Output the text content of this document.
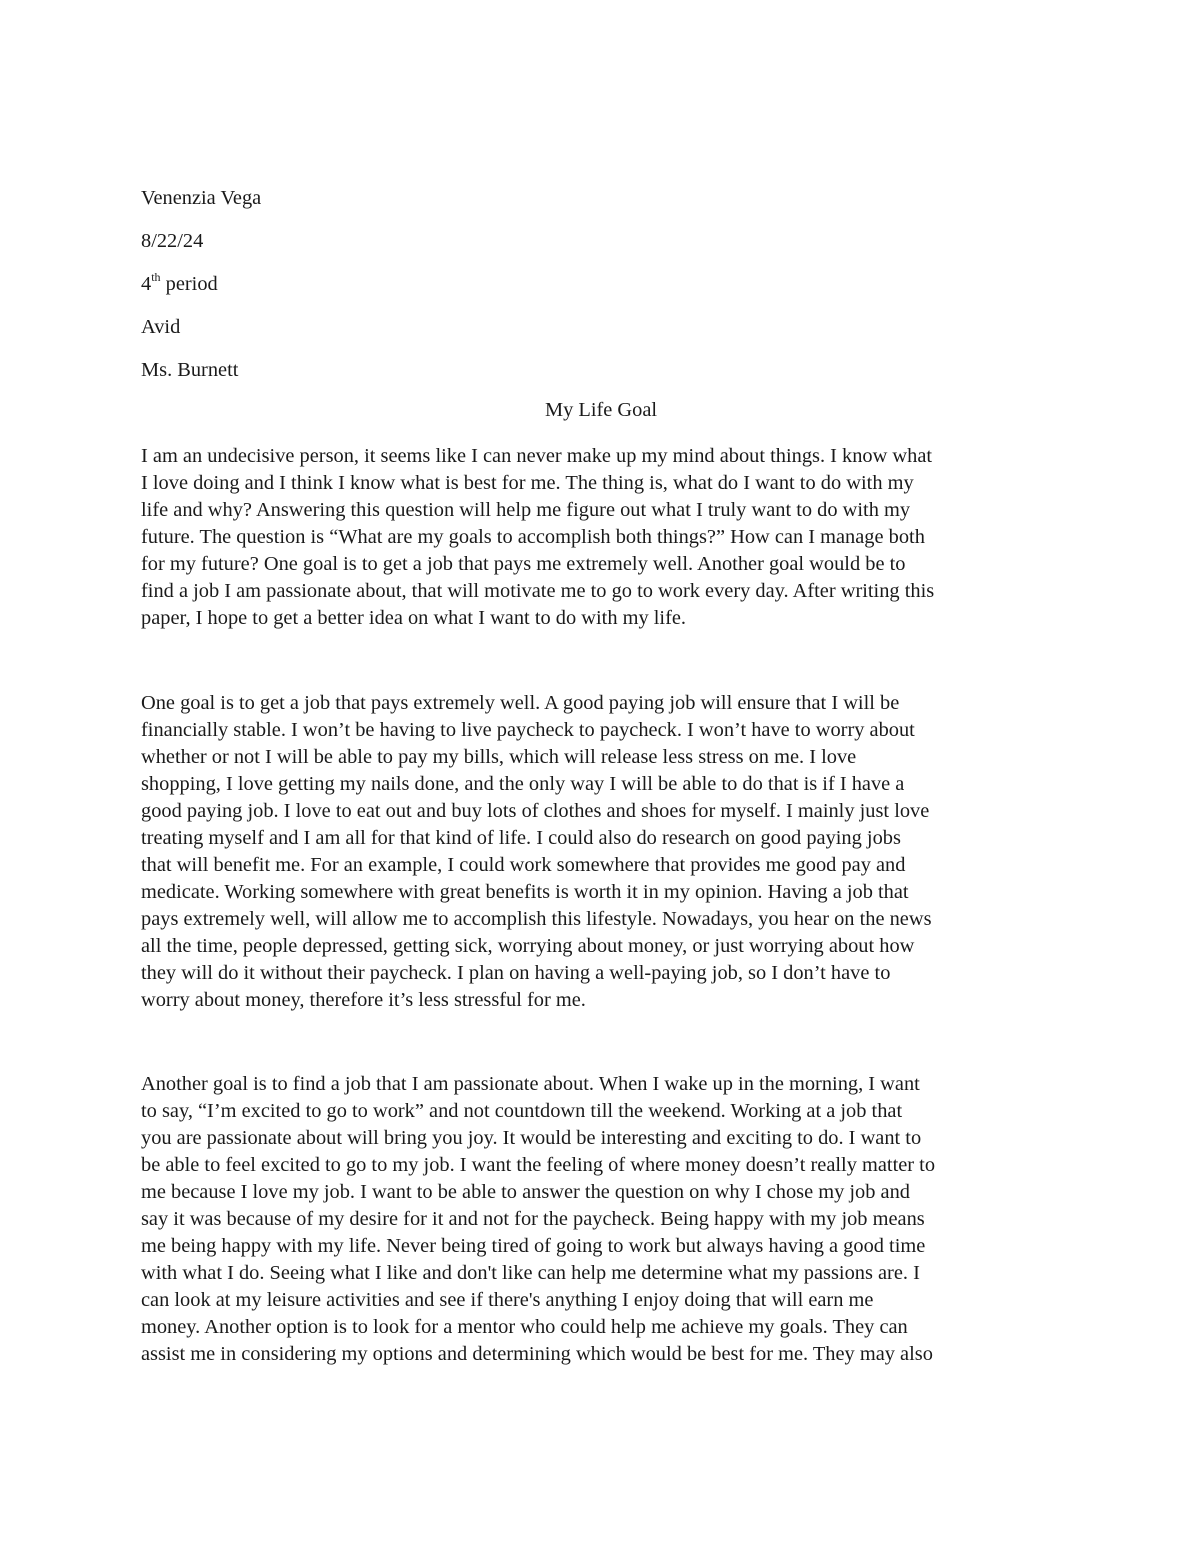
Venenzia Vega
8/22/24
4th period
Avid
Ms. Burnett
My Life Goal

I am an undecisive person, it seems like I can never make up my mind about things. I know what
I love doing and I think I know what is best for me. The thing is, what do I want to do with my
life and why? Answering this question will help me figure out what I truly want to do with my
future. The question is “What are my goals to accomplish both things?” How can I manage both
for my future? One goal is to get a job that pays me extremely well. Another goal would be to
find a job I am passionate about, that will motivate me to go to work every day. After writing this
paper, I hope to get a better idea on what I want to do with my life.

One goal is to get a job that pays extremely well. A good paying job will ensure that I will be
financially stable. I won’t be having to live paycheck to paycheck. I won’t have to worry about
whether or not I will be able to pay my bills, which will release less stress on me. I love
shopping, I love getting my nails done, and the only way I will be able to do that is if I have a
good paying job. I love to eat out and buy lots of clothes and shoes for myself. I mainly just love
treating myself and I am all for that kind of life. I could also do research on good paying jobs
that will benefit me. For an example, I could work somewhere that provides me good pay and
medicate. Working somewhere with great benefits is worth it in my opinion. Having a job that
pays extremely well, will allow me to accomplish this lifestyle. Nowadays, you hear on the news
all the time, people depressed, getting sick, worrying about money, or just worrying about how
they will do it without their paycheck. I plan on having a well-paying job, so I don’t have to
worry about money, therefore it’s less stressful for me.

Another goal is to find a job that I am passionate about. When I wake up in the morning, I want
to say, “I’m excited to go to work” and not countdown till the weekend. Working at a job that
you are passionate about will bring you joy. It would be interesting and exciting to do. I want to
be able to feel excited to go to my job. I want the feeling of where money doesn’t really matter to
me because I love my job. I want to be able to answer the question on why I chose my job and
say it was because of my desire for it and not for the paycheck. Being happy with my job means
me being happy with my life. Never being tired of going to work but always having a good time
with what I do. Seeing what I like and don't like can help me determine what my passions are. I
can look at my leisure activities and see if there's anything I enjoy doing that will earn me
money. Another option is to look for a mentor who could help me achieve my goals. They can
assist me in considering my options and determining which would be best for me. They may also
